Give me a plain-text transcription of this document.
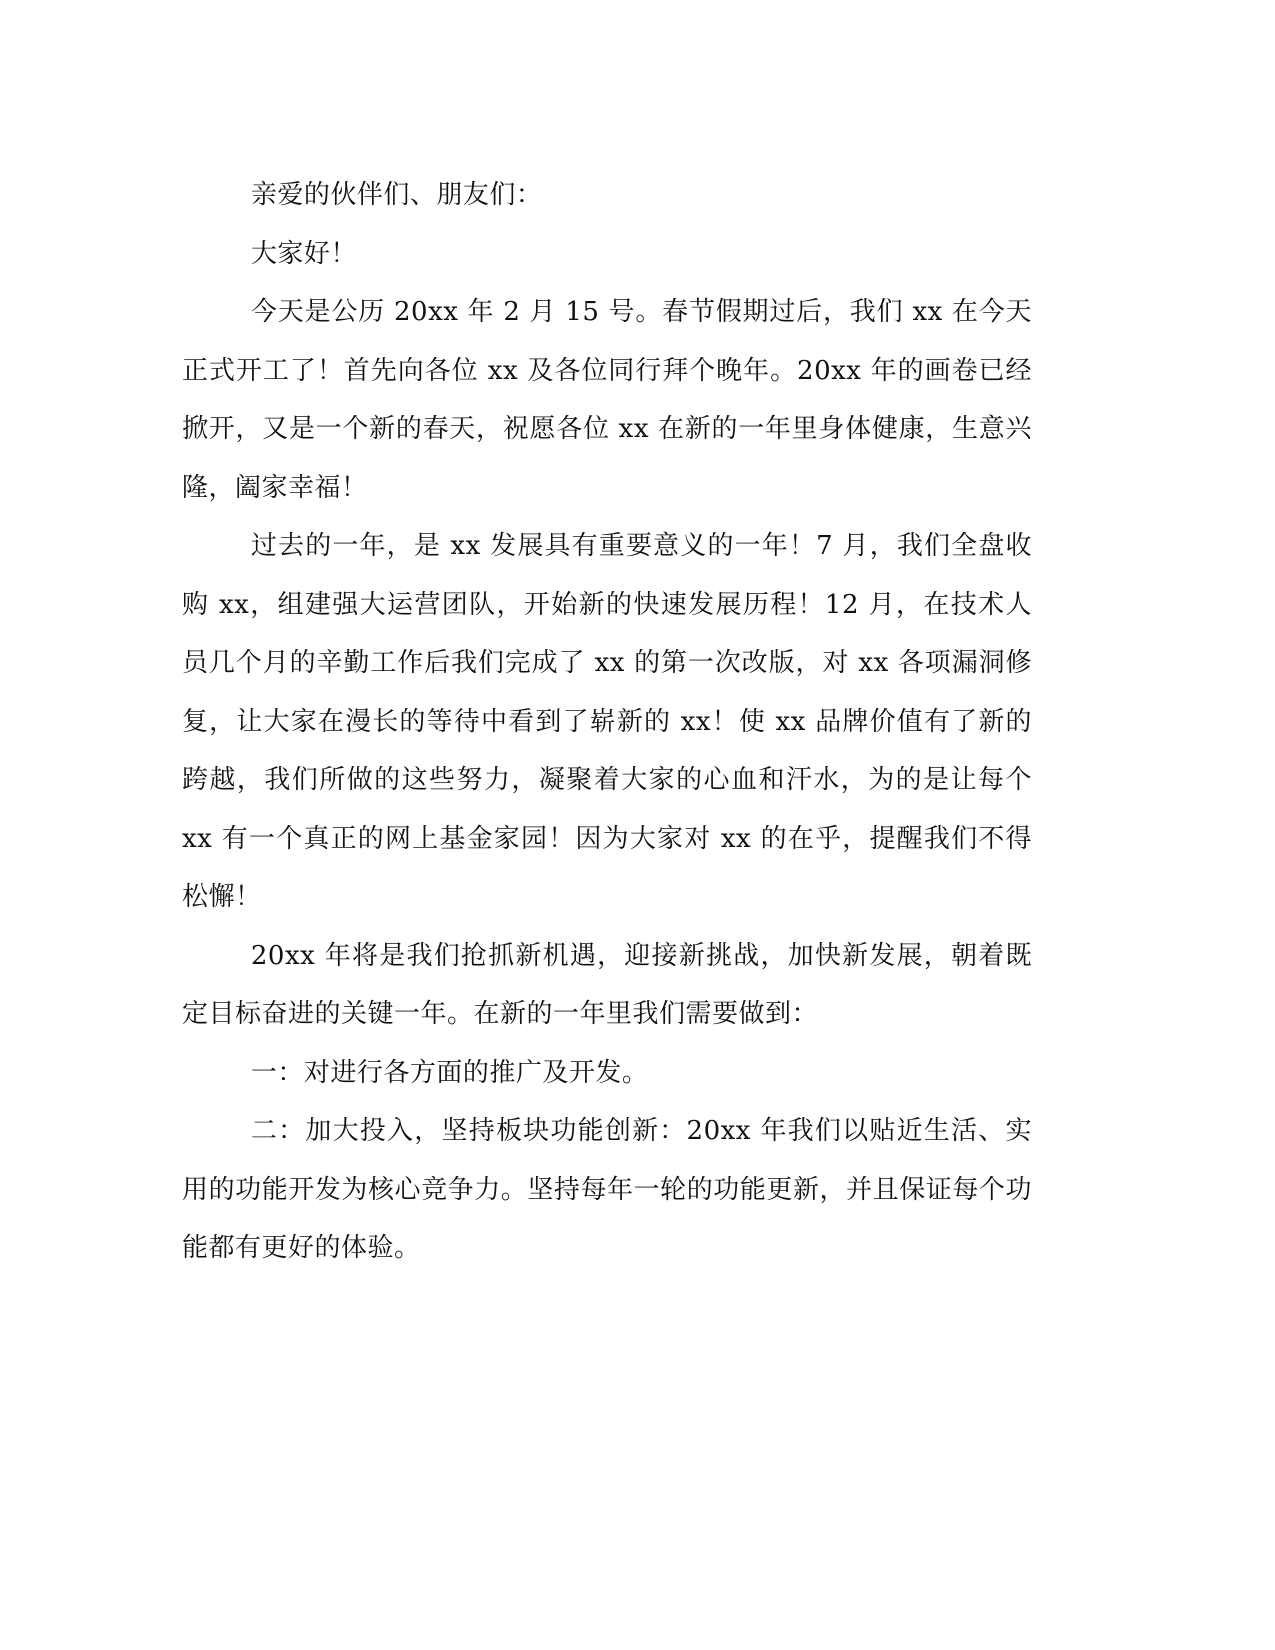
亲爱的伙伴们、朋友们：

大家好！

今天是公历 20xx 年 2 月 15 号。春节假期过后，我们 xx 在今天正式开工了！首先向各位 xx 及各位同行拜个晚年。20xx 年的画卷已经掀开，又是一个新的春天，祝愿各位 xx 在新的一年里身体健康，生意兴隆，阖家幸福！

过去的一年，是 xx 发展具有重要意义的一年！7 月，我们全盘收购 xx，组建强大运营团队，开始新的快速发展历程！12 月，在技术人员几个月的辛勤工作后我们完成了 xx 的第一次改版，对 xx 各项漏洞修复，让大家在漫长的等待中看到了崭新的 xx！使 xx 品牌价值有了新的跨越，我们所做的这些努力，凝聚着大家的心血和汗水，为的是让每个 xx 有一个真正的网上基金家园！因为大家对 xx 的在乎，提醒我们不得松懈！

20xx 年将是我们抢抓新机遇，迎接新挑战，加快新发展，朝着既定目标奋进的关键一年。在新的一年里我们需要做到：

一：对进行各方面的推广及开发。

二：加大投入，坚持板块功能创新：20xx 年我们以贴近生活、实用的功能开发为核心竞争力。坚持每年一轮的功能更新，并且保证每个功能都有更好的体验。
